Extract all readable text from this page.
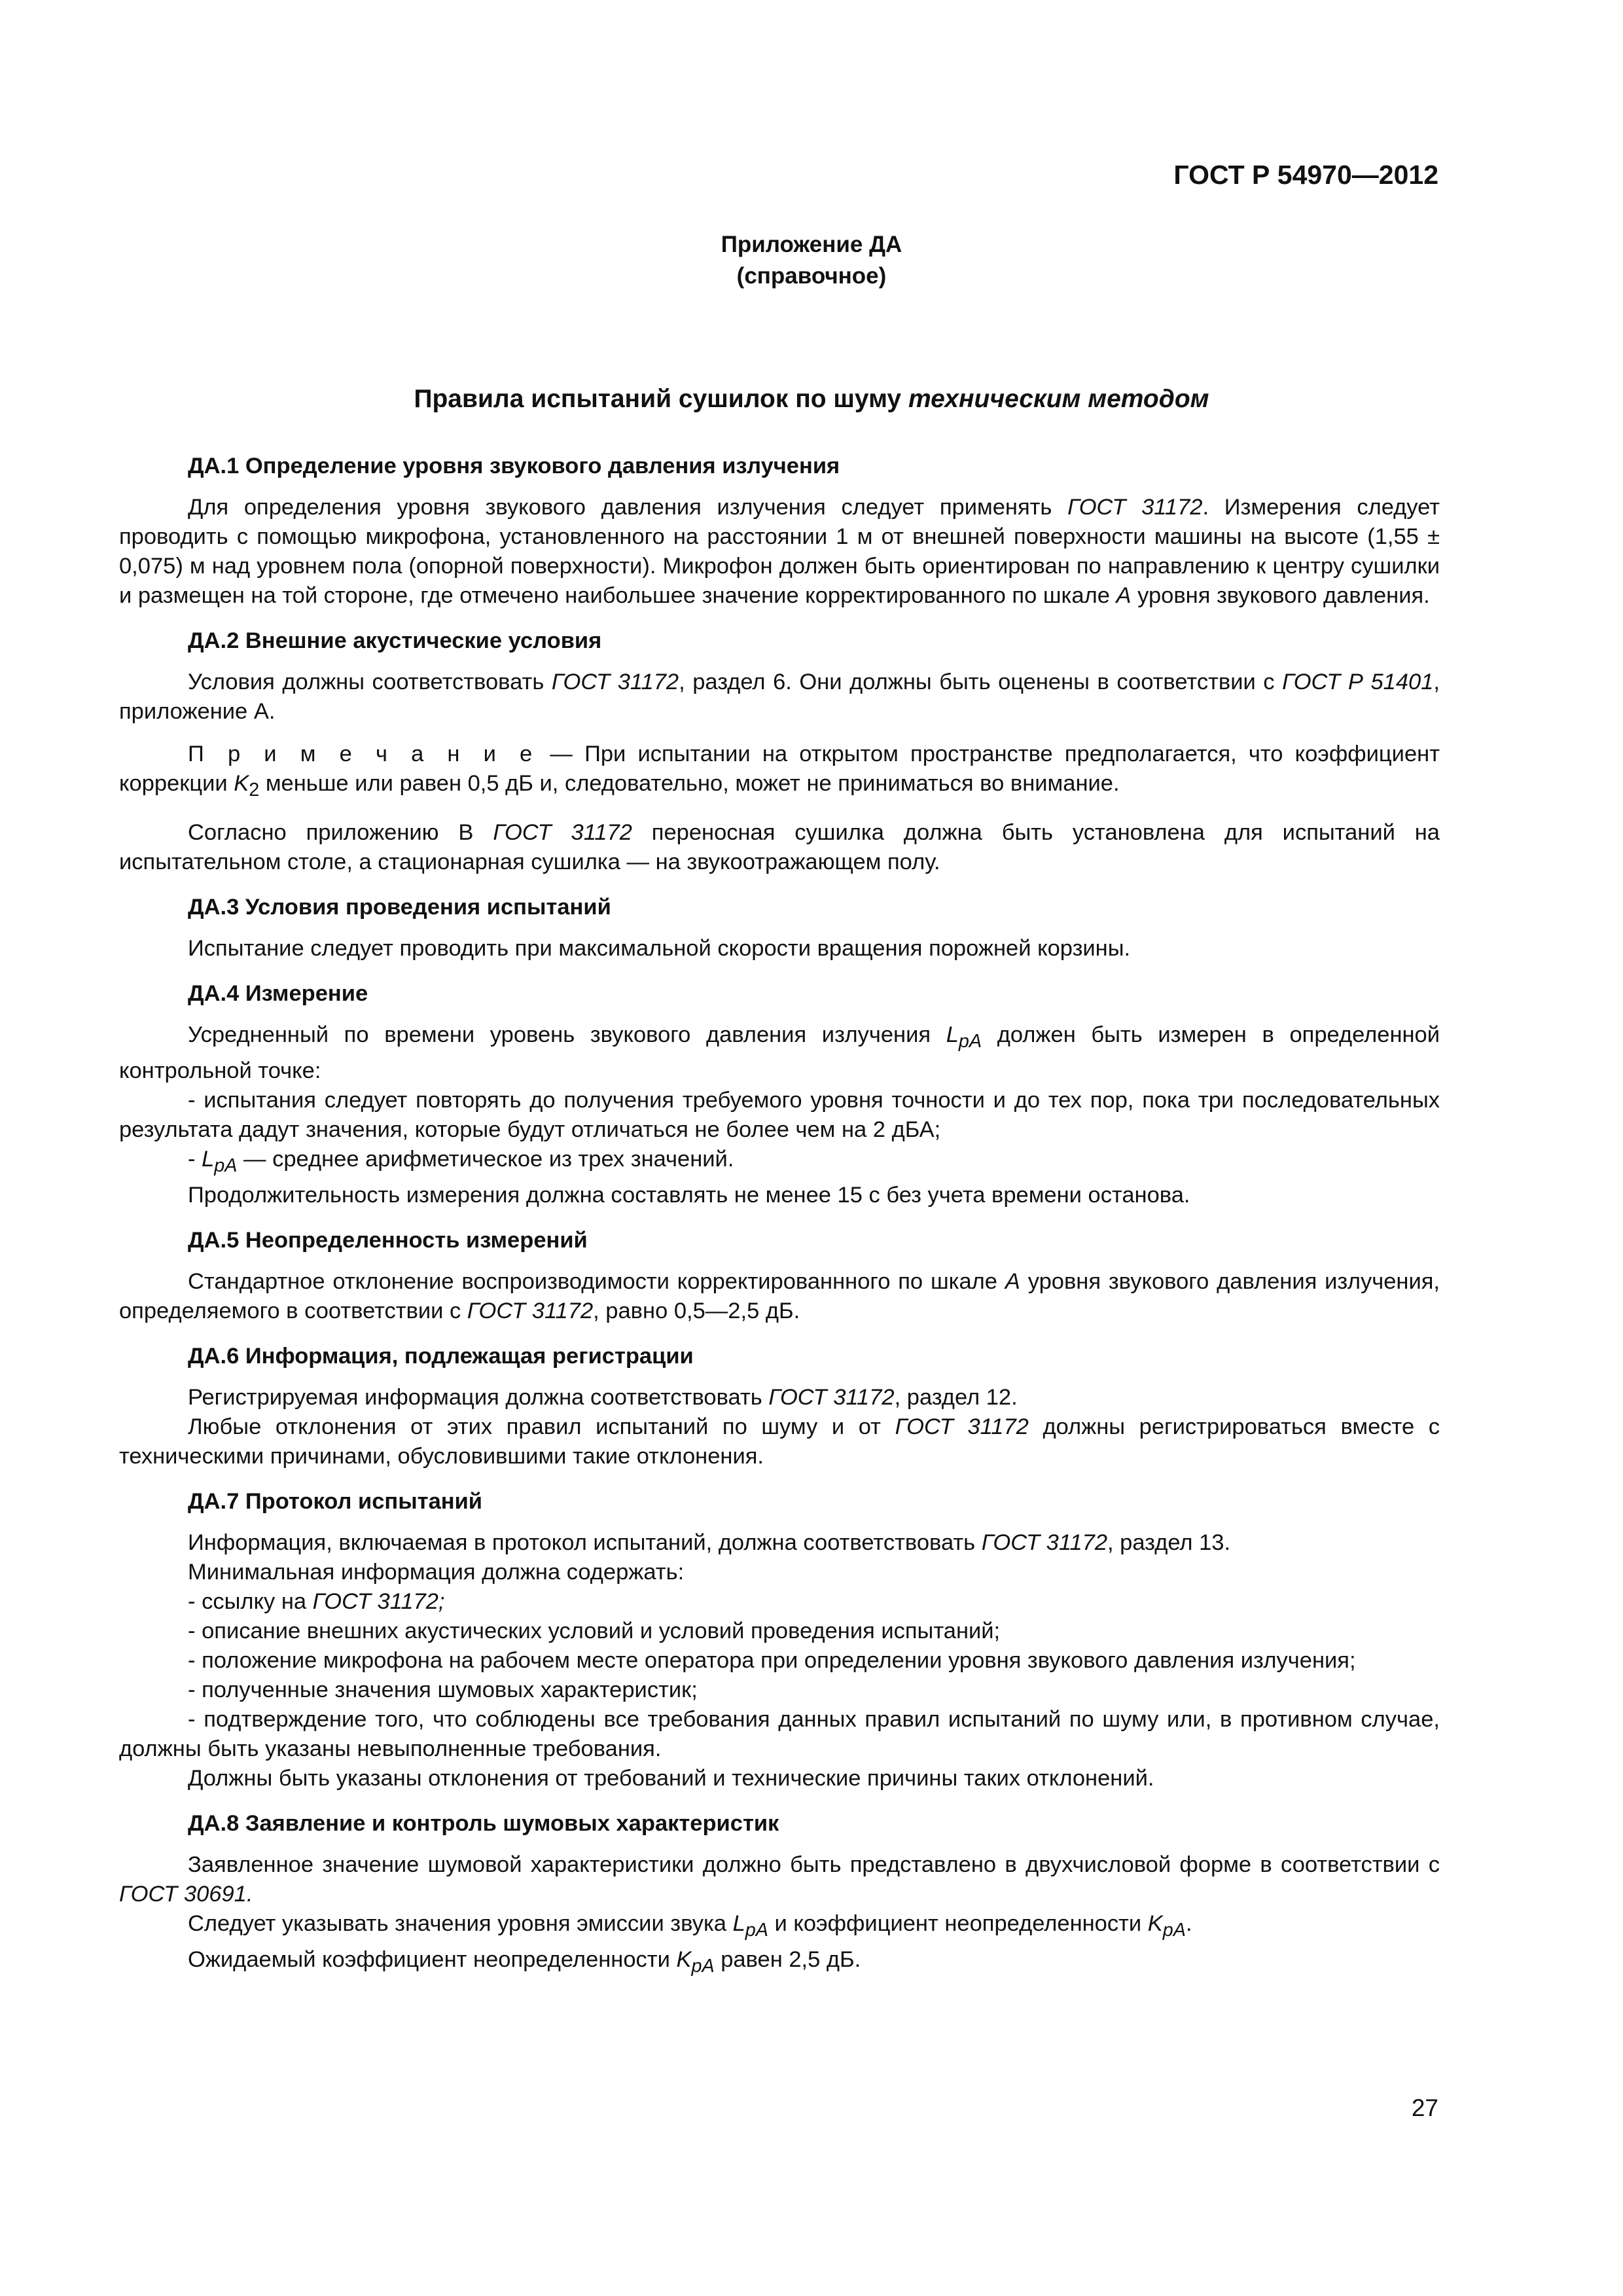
ГОСТ Р 54970—2012
Приложение ДА
(справочное)
Правила испытаний сушилок по шуму техническим методом
ДА.1 Определение уровня звукового давления излучения
Для определения уровня звукового давления излучения следует применять ГОСТ 31172. Измерения следует проводить с помощью микрофона, установленного на расстоянии 1 м от внешней поверхности машины на высоте (1,55 ± 0,075) м над уровнем пола (опорной поверхности). Микрофон должен быть ориентирован по направлению к центру сушилки и размещен на той стороне, где отмечено наибольшее значение корректированного по шкале А уровня звукового давления.
ДА.2 Внешние акустические условия
Условия должны соответствовать ГОСТ 31172, раздел 6. Они должны быть оценены в соответствии с ГОСТ Р 51401, приложение А.
П р и м е ч а н и е — При испытании на открытом пространстве предполагается, что коэффициент коррекции $K_2$ меньше или равен 0,5 дБ и, следовательно, может не приниматься во внимание.
Согласно приложению В ГОСТ 31172 переносная сушилка должна быть установлена для испытаний на испытательном столе, а стационарная сушилка — на звукоотражающем полу.
ДА.3 Условия проведения испытаний
Испытание следует проводить при максимальной скорости вращения порожней корзины.
ДА.4 Измерение
Усредненный по времени уровень звукового давления излучения $L_{pA}$ должен быть измерен в определенной контрольной точке:
- испытания следует повторять до получения требуемого уровня точности и до тех пор, пока три последовательных результата дадут значения, которые будут отличаться не более чем на 2 дБА;
- $L_{pA}$ — среднее арифметическое из трех значений.
Продолжительность измерения должна составлять не менее 15 с без учета времени останова.
ДА.5 Неопределенность измерений
Стандартное отклонение воспроизводимости корректированнного по шкале А уровня звукового давления излучения, определяемого в соответствии с ГОСТ 31172, равно 0,5—2,5 дБ.
ДА.6 Информация, подлежащая регистрации
Регистрируемая информация должна соответствовать ГОСТ 31172, раздел 12.
Любые отклонения от этих правил испытаний по шуму и от ГОСТ 31172 должны регистрироваться вместе с техническими причинами, обусловившими такие отклонения.
ДА.7 Протокол испытаний
Информация, включаемая в протокол испытаний, должна соответствовать ГОСТ 31172, раздел 13.
Минимальная информация должна содержать:
- ссылку на ГОСТ 31172;
- описание внешних акустических условий и условий проведения испытаний;
- положение микрофона на рабочем месте оператора при определении уровня звукового давления излучения;
- полученные значения шумовых характеристик;
- подтверждение того, что соблюдены все требования данных правил испытаний по шуму или, в противном случае, должны быть указаны невыполненные требования.
Должны быть указаны отклонения от требований и технические причины таких отклонений.
ДА.8 Заявление и контроль шумовых характеристик
Заявленное значение шумовой характеристики должно быть представлено в двухчисловой форме в соответствии с ГОСТ 30691.
Следует указывать значения уровня эмиссии звука $L_{pA}$ и коэффициент неопределенности $K_{pA}$.
Ожидаемый коэффициент неопределенности $K_{pA}$ равен 2,5 дБ.
27
